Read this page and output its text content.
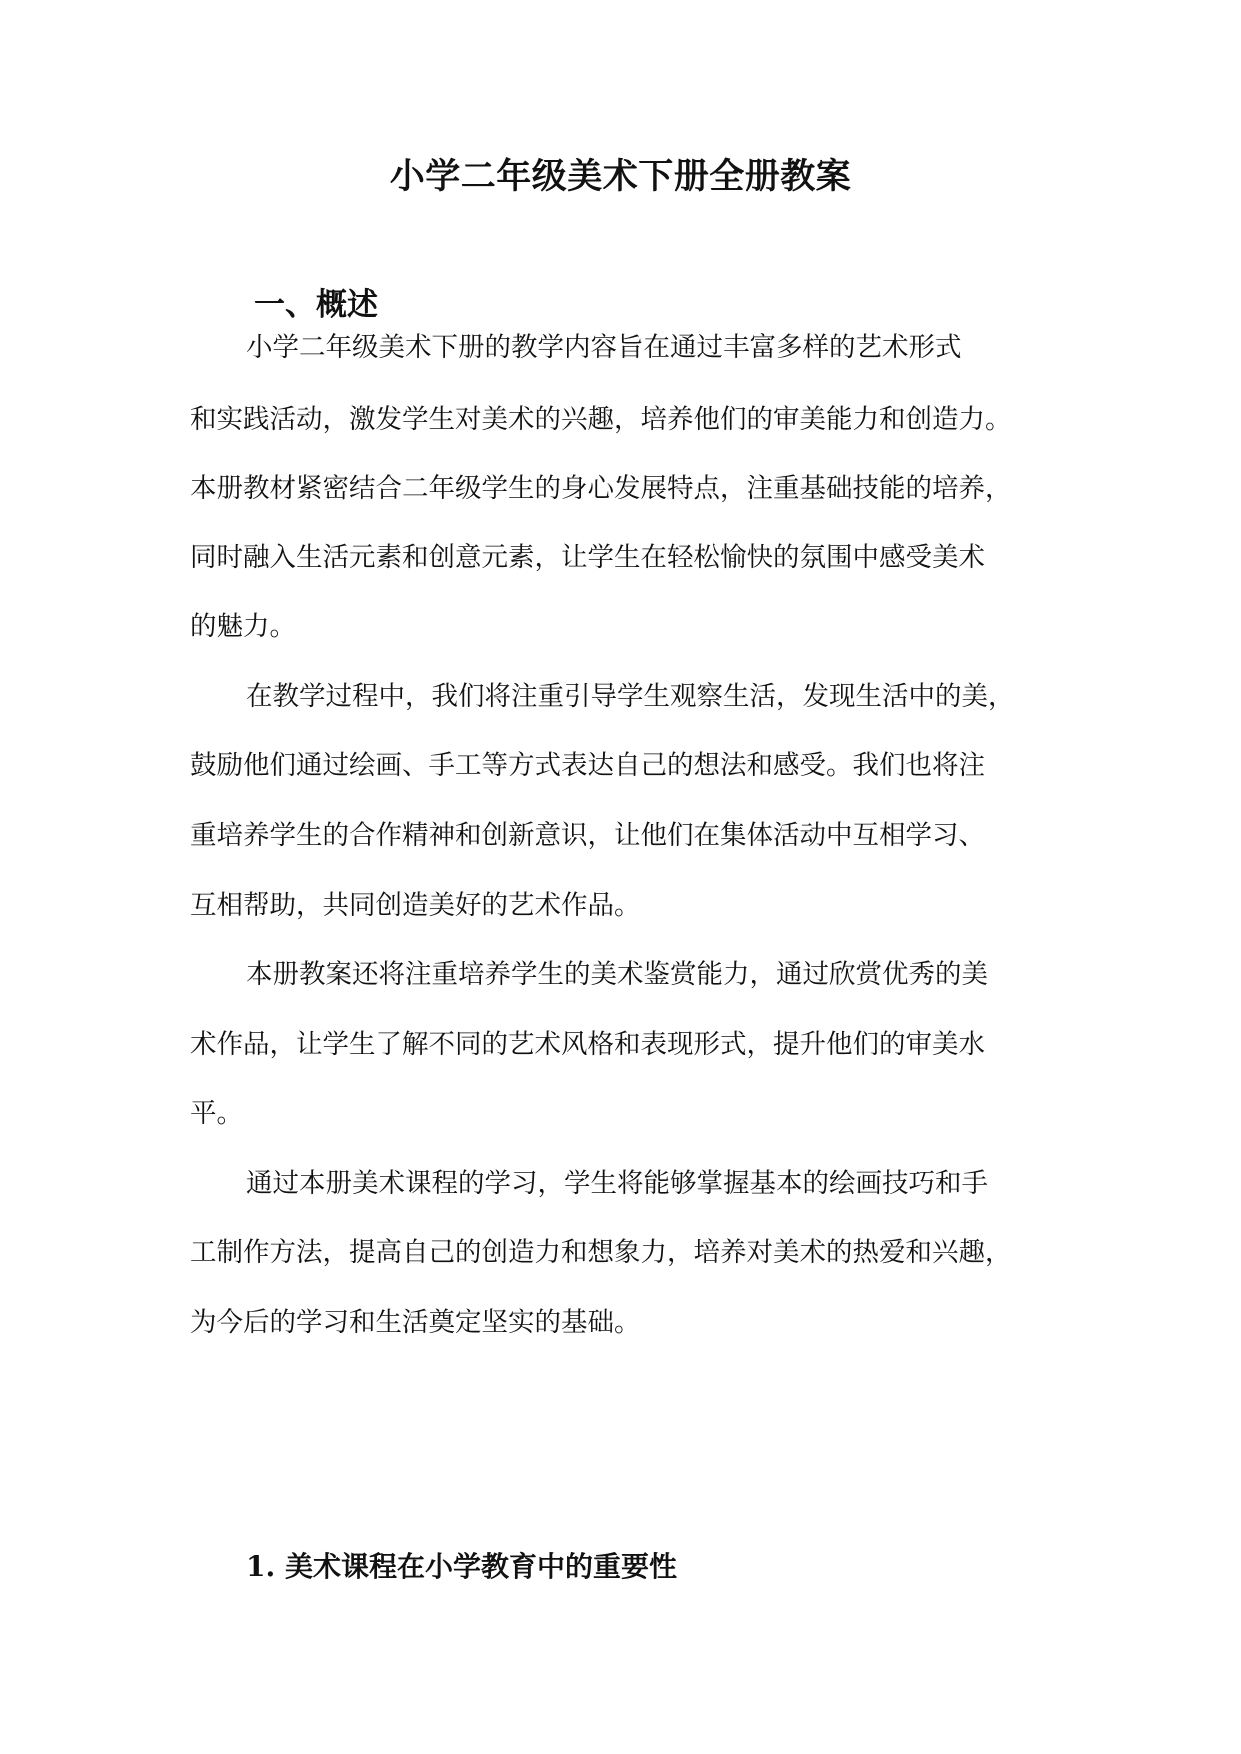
小学二年级美术下册全册教案
一、概述
小学二年级美术下册的教学内容旨在通过丰富多样的艺术形式
和实践活动，激发学生对美术的兴趣，培养他们的审美能力和创造力。
本册教材紧密结合二年级学生的身心发展特点，注重基础技能的培养，
同时融入生活元素和创意元素，让学生在轻松愉快的氛围中感受美术
的魅力。
在教学过程中，我们将注重引导学生观察生活，发现生活中的美，
鼓励他们通过绘画、手工等方式表达自己的想法和感受。我们也将注
重培养学生的合作精神和创新意识，让他们在集体活动中互相学习、
互相帮助，共同创造美好的艺术作品。
本册教案还将注重培养学生的美术鉴赏能力，通过欣赏优秀的美
术作品，让学生了解不同的艺术风格和表现形式，提升他们的审美水
平。
通过本册美术课程的学习，学生将能够掌握基本的绘画技巧和手
工制作方法，提高自己的创造力和想象力，培养对美术的热爱和兴趣，
为今后的学习和生活奠定坚实的基础。
1. 美术课程在小学教育中的重要性
